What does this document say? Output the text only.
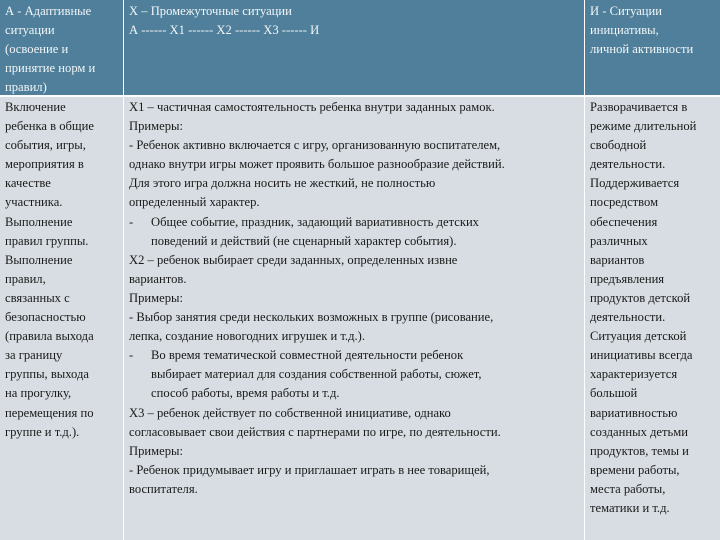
А - Адаптивные
ситуации
(освоение и
принятие норм и
правил)
Х – Промежуточные ситуации
А ------ Х1 ------ Х2 ------ Х3 ------ И
И - Ситуации
инициативы,
личной активности
Включение
ребенка в общие
события, игры,
мероприятия в
качестве
участника.
Выполнение
правил группы.
Выполнение
правил,
связанных с
безопасностью
(правила выхода
за границу
группы, выхода
на прогулку,
перемещения по
группе и т.д.).
Х1 – частичная самостоятельность ребенка внутри заданных рамок.
Примеры:
- Ребенок активно включается с игру, организованную воспитателем,
однако внутри игры может проявить большое разнообразие действий.
Для этого игра должна носить не жесткий, не полностью
определенный характер.
- Общее событие, праздник, задающий вариативность детских
поведений и действий (не сценарный характер события).
Х2 – ребенок выбирает среди заданных, определенных извне
вариантов.
Примеры:
- Выбор занятия среди нескольких возможных в группе (рисование,
лепка, создание новогодних игрушек и т.д.).
- Во время тематической совместной деятельности ребенок
выбирает материал для создания собственной работы, сюжет,
способ работы, время работы и т.д.
Х3 – ребенок действует по собственной инициативе, однако
согласовывает свои действия с партнерами по игре, по деятельности.
Примеры:
- Ребенок придумывает игру и приглашает играть в нее товарищей,
воспитателя.
Разворачивается в
режиме длительной
свободной
деятельности.
Поддерживается
посредством
обеспечения
различных
вариантов
предъявления
продуктов детской
деятельности.
Ситуация детской
инициативы всегда
характеризуется
большой
вариативностью
созданных детьми
продуктов, темы и
времени работы,
места работы,
тематики и т.д.
